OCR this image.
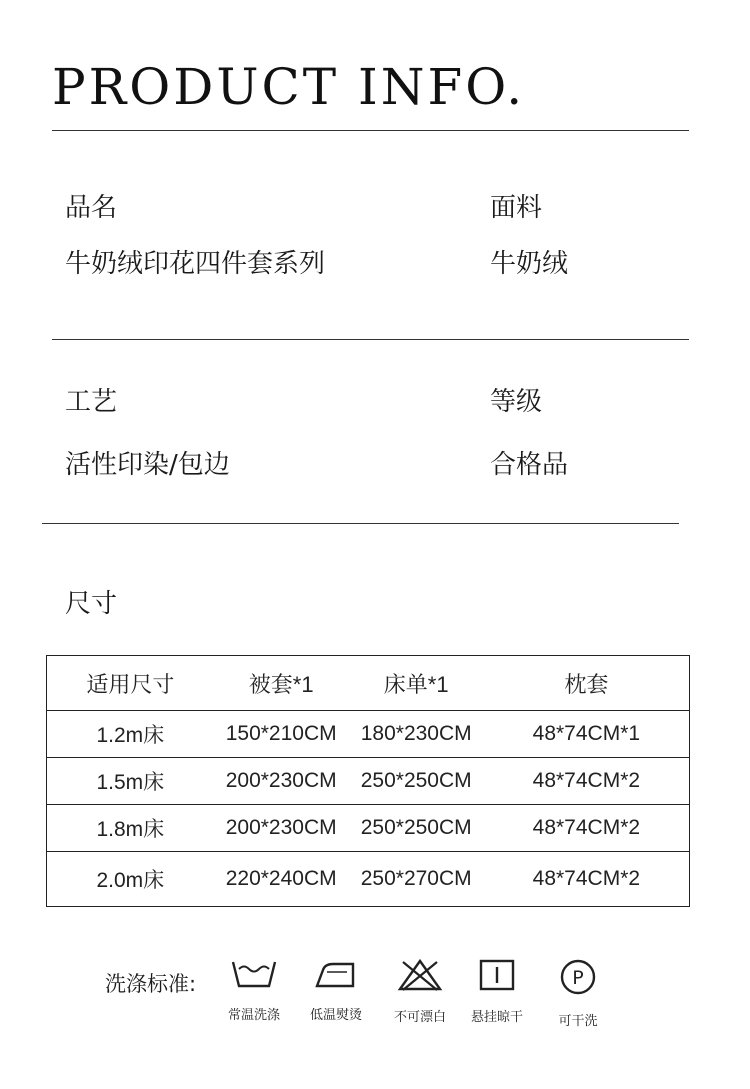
PRODUCT INFO.
品名
牛奶绒印花四件套系列
面料
牛奶绒
工艺
活性印染/包边
等级
合格品
尺寸
适用尺寸	被套*1	床单*1	枕套
1.2m床	150*210CM	180*230CM	48*74CM*1
1.5m床	200*230CM	250*250CM	48*74CM*2
1.8m床	200*230CM	250*250CM	48*74CM*2
2.0m床	220*240CM	250*270CM	48*74CM*2
洗涤标准:
常温洗涤	低温熨烫	不可漂白	悬挂晾干
P
可干洗
